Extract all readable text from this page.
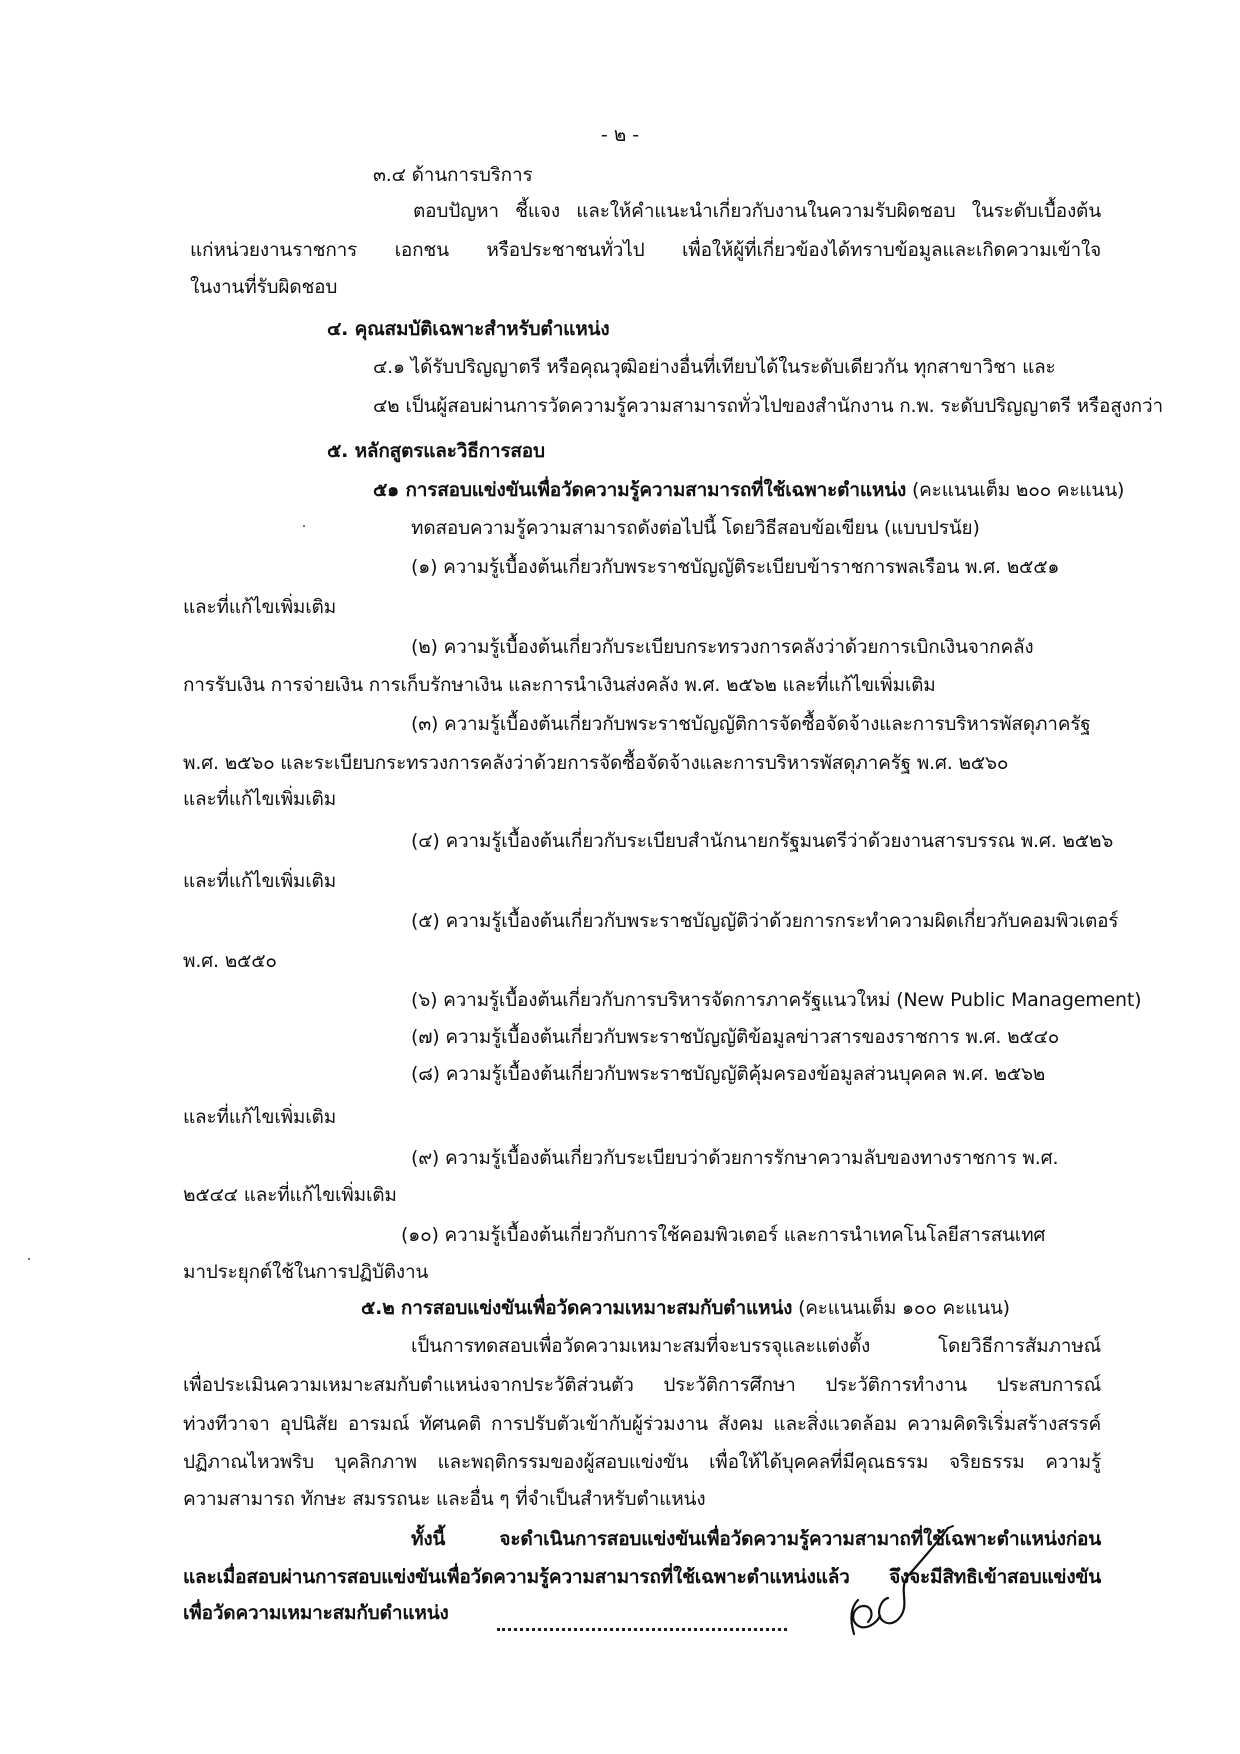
- ๒ -
๓.๔ ด้านการบริการ
ตอบปัญหา ชี้แจง และให้คำแนะนำเกี่ยวกับงานในความรับผิดชอบ ในระดับเบื้องต้น
แก่หน่วยงานราชการ เอกชน หรือประชาชนทั่วไป เพื่อให้ผู้ที่เกี่ยวข้องได้ทราบข้อมูลและเกิดความเข้าใจ
ในงานที่รับผิดชอบ
๔. คุณสมบัติเฉพาะสำหรับตำแหน่ง
๔.๑ ได้รับปริญญาตรี หรือคุณวุฒิอย่างอื่นที่เทียบได้ในระดับเดียวกัน ทุกสาขาวิชา และ
๔๒ เป็นผู้สอบผ่านการวัดความรู้ความสามารถทั่วไปของสำนักงาน ก.พ. ระดับปริญญาตรี หรือสูงกว่า
๕. หลักสูตรและวิธีการสอบ
๕๑ การสอบแข่งขันเพื่อวัดความรู้ความสามารถที่ใช้เฉพาะตำแหน่ง (คะแนนเต็ม ๒๐๐ คะแนน)
ทดสอบความรู้ความสามารถดังต่อไปนี้ โดยวิธีสอบข้อเขียน (แบบปรนัย)
(๑) ความรู้เบื้องต้นเกี่ยวกับพระราชบัญญัติระเบียบข้าราชการพลเรือน พ.ศ. ๒๕๕๑
และที่แก้ไขเพิ่มเติม
(๒) ความรู้เบื้องต้นเกี่ยวกับระเบียบกระทรวงการคลังว่าด้วยการเบิกเงินจากคลัง
การรับเงิน การจ่ายเงิน การเก็บรักษาเงิน และการนำเงินส่งคลัง พ.ศ. ๒๕๖๒ และที่แก้ไขเพิ่มเติม
(๓) ความรู้เบื้องต้นเกี่ยวกับพระราชบัญญัติการจัดซื้อจัดจ้างและการบริหารพัสดุภาครัฐ
พ.ศ. ๒๕๖๐ และระเบียบกระทรวงการคลังว่าด้วยการจัดซื้อจัดจ้างและการบริหารพัสดุภาครัฐ พ.ศ. ๒๕๖๐
และที่แก้ไขเพิ่มเติม
(๔) ความรู้เบื้องต้นเกี่ยวกับระเบียบสำนักนายกรัฐมนตรีว่าด้วยงานสารบรรณ พ.ศ. ๒๕๒๖
และที่แก้ไขเพิ่มเติม
(๕) ความรู้เบื้องต้นเกี่ยวกับพระราชบัญญัติว่าด้วยการกระทำความผิดเกี่ยวกับคอมพิวเตอร์
พ.ศ. ๒๕๕๐
(๖) ความรู้เบื้องต้นเกี่ยวกับการบริหารจัดการภาครัฐแนวใหม่ (New Public Management)
(๗) ความรู้เบื้องต้นเกี่ยวกับพระราชบัญญัติข้อมูลข่าวสารของราชการ พ.ศ. ๒๕๔๐
(๘) ความรู้เบื้องต้นเกี่ยวกับพระราชบัญญัติคุ้มครองข้อมูลส่วนบุคคล พ.ศ. ๒๕๖๒
และที่แก้ไขเพิ่มเติม
(๙) ความรู้เบื้องต้นเกี่ยวกับระเบียบว่าด้วยการรักษาความลับของทางราชการ พ.ศ.
๒๕๔๔ และที่แก้ไขเพิ่มเติม
(๑๐) ความรู้เบื้องต้นเกี่ยวกับการใช้คอมพิวเตอร์ และการนำเทคโนโลยีสารสนเทศ
มาประยุกต์ใช้ในการปฏิบัติงาน
๕.๒ การสอบแข่งขันเพื่อวัดความเหมาะสมกับตำแหน่ง (คะแนนเต็ม ๑๐๐ คะแนน)
เป็นการทดสอบเพื่อวัดความเหมาะสมที่จะบรรจุและแต่งตั้ง โดยวิธีการสัมภาษณ์
เพื่อประเมินความเหมาะสมกับตำแหน่งจากประวัติส่วนตัว ประวัติการศึกษา ประวัติการทำงาน ประสบการณ์
ท่วงทีวาจา อุปนิสัย อารมณ์ ทัศนคติ การปรับตัวเข้ากับผู้ร่วมงาน สังคม และสิ่งแวดล้อม ความคิดริเริ่มสร้างสรรค์
ปฏิภาณไหวพริบ บุคลิกภาพ และพฤติกรรมของผู้สอบแข่งขัน เพื่อให้ได้บุคคลที่มีคุณธรรม จริยธรรม ความรู้
ความสามารถ ทักษะ สมรรถนะ และอื่น ๆ ที่จำเป็นสำหรับตำแหน่ง
ทั้งนี้ จะดำเนินการสอบแข่งขันเพื่อวัดความรู้ความสามาถที่ใช้เฉพาะตำแหน่งก่อน
และเมื่อสอบผ่านการสอบแข่งขันเพื่อวัดความรู้ความสามารถที่ใช้เฉพาะตำแหน่งแล้ว จึงจะมีสิทธิเข้าสอบแข่งขัน
เพื่อวัดความเหมาะสมกับตำแหน่ง
